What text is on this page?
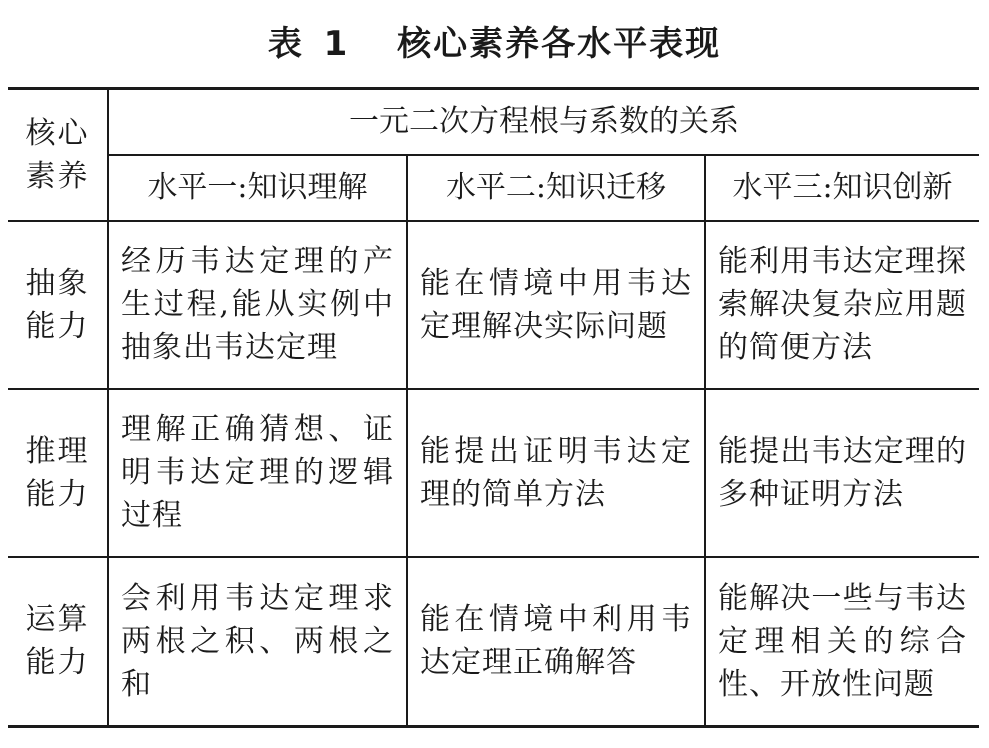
表 1 核心素养各水平表现
核心素养	一元二次方程根与系数的关系		
	水平一:知识理解	水平二:知识迁移	水平三:知识创新
抽象能力	经历韦达定理的产生过程,能从实例中抽象出韦达定理	能在情境中用韦达定理解决实际问题	能利用韦达定理探索解决复杂应用题的简便方法
推理能力	理解正确猜想、证明韦达定理的逻辑过程	能提出证明韦达定理的简单方法	能提出韦达定理的多种证明方法
运算能力	会利用韦达定理求两根之积、两根之和	能在情境中利用韦达定理正确解答	能解决一些与韦达定理相关的综合性、开放性问题
